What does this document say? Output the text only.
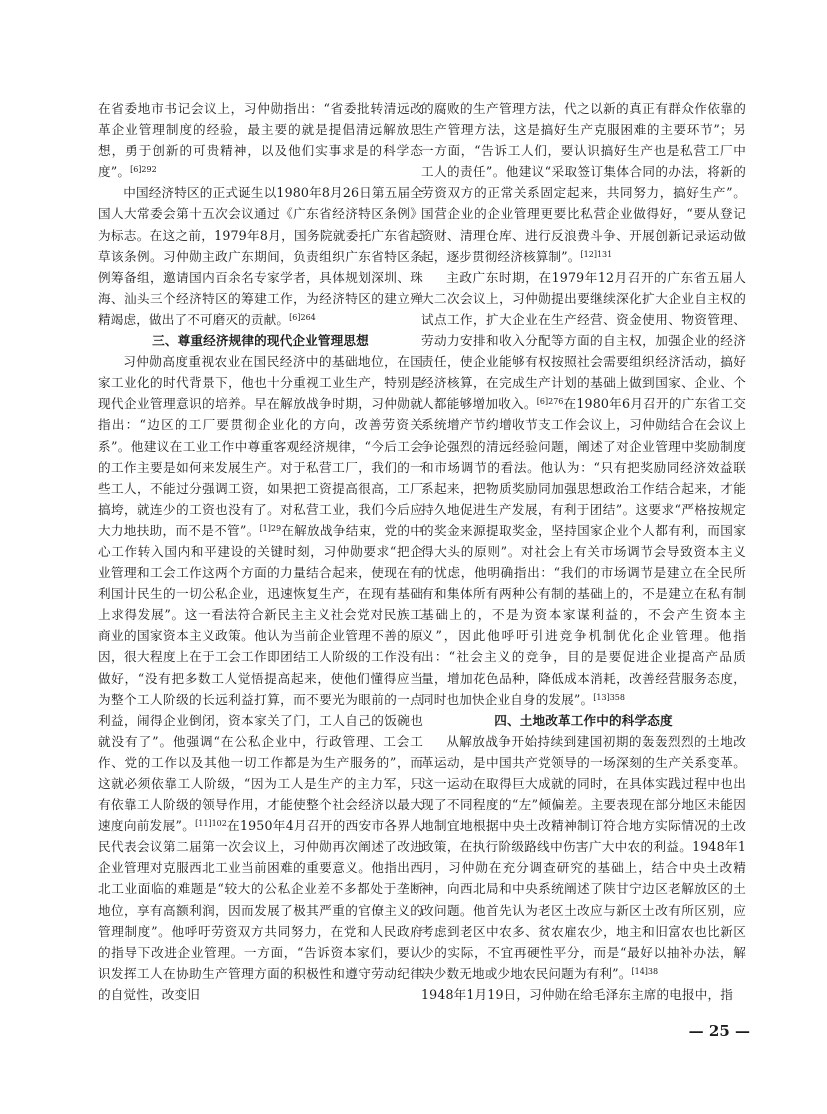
在省委地市书记会议上，习仲勋指出：“省委批转清远改革企业管理制度的经验，最主要的就是提倡清远解放思想，勇于创新的可贵精神，以及他们实事求是的科学态度”。$^{[6]292}$

中国经济特区的正式诞生以1980年8月26日第五届全国人大常委会第十五次会议通过《广东省经济特区条例》为标志。在这之前，1979年8月，国务院就委托广东省起草该条例。习仲勋主政广东期间，负责组织广东省特区条例筹备组，邀请国内百余名专家学者，具体规划深圳、珠海、汕头三个经济特区的筹建工作，为经济特区的建立殚精竭虑，做出了不可磨灭的贡献。$^{[6]264}$

三、尊重经济规律的现代企业管理思想

习仲勋高度重视农业在国民经济中的基础地位，在国家工业化的时代背景下，他也十分重视工业生产，特别是现代企业管理意识的培养。早在解放战争时期，习仲勋就指出：“边区的工厂要贯彻企业化的方向，改善劳资关系”。他建议在工业工作中尊重客观经济规律，“今后工会的工作主要是如何来发展生产。对于私营工厂，我们的一些工人，不能过分强调工资，如果把工资提高很高，工厂搞垮，就连少的工资也没有了。对私营工业，我们今后应大力地扶助，而不是不管”。$^{[1]29}$在解放战争结束，党的中心工作转入国内和平建设的关键时刻，习仲勋要求“把企业管理和工会工作这两个方面的力量结合起来，使现在有利国计民生的一切公私企业，迅速恢复生产，在现有基础上求得发展”。这一看法符合新民主主义社会党对民族工商业的国家资本主义政策。他认为当前企业管理不善的原因，很大程度上在于工会工作即团结工人阶级的工作没有做好，“没有把多数工人觉悟提高起来，使他们懂得应当为整个工人阶级的长远利益打算，而不要光为眼前的一点利益，闹得企业倒闭，资本家关了门，工人自己的饭碗也就没有了”。他强调“在公私企业中，行政管理、工会工作、党的工作以及其他一切工作都是为生产服务的”，而这就必须依靠工人阶级，“因为工人是生产的主力军，只有依靠工人阶级的领导作用，才能使整个社会经济以最大速度向前发展”。$^{[11]102}$在1950年4月召开的西安市各界人民代表会议第二届第一次会议上，习仲勋再次阐述了改进企业管理对克服西北工业当前困难的重要意义。他指出西北工业面临的难题是“较大的公私企业差不多都处于垄断地位，享有高额利润，因而发展了极其严重的官僚主义的管理制度”。他呼吁劳资双方共同努力，在党和人民政府的指导下改进企业管理。一方面，“告诉资本家们，要认识发挥工人在协助生产管理方面的积极性和遵守劳动纪律的自觉性，改变旧

的腐败的生产管理方法，代之以新的真正有群众作依靠的生产管理方法，这是搞好生产克服困难的主要环节”；另一方面，“告诉工人们，要认识搞好生产也是私营工厂中工人的责任”。他建议“采取签订集体合同的办法，将新的劳资双方的正常关系固定起来，共同努力，搞好生产”。国营企业的企业管理更要比私营企业做得好，“要从登记资财、清理仓库、进行反浪费斗争、开展创新记录运动做起，逐步贯彻经济核算制”。$^{[12]131}$

主政广东时期，在1979年12月召开的广东省五届人大二次会议上，习仲勋提出要继续深化扩大企业自主权的试点工作，扩大企业在生产经营、资金使用、物资管理、劳动力安排和收入分配等方面的自主权，加强企业的经济责任，使企业能够有权按照社会需要组织经济活动，搞好经济核算，在完成生产计划的基础上做到国家、企业、个人都能够增加收入。$^{[6]276}$在1980年6月召开的广东省工交系统增产节约增收节支工作会议上，习仲勋结合在会议上争论强烈的清远经验问题，阐述了对企业管理中奖励制度和市场调节的看法。他认为：“只有把奖励同经济效益联系起来，把物质奖励同加强思想政治工作结合起来，才能持久地促进生产发展，有利于团结”。这要求“严格按规定的奖金来源提取奖金，坚持国家企业个人都有利，而国家得大头的原则”。对社会上有关市场调节会导致资本主义的忧虑，他明确指出：“我们的市场调节是建立在全民所有和集体所有两种公有制的基础上的，不是建立在私有制基础上的，不是为资本家谋利益的，不会产生资本主义”，因此他呼吁引进竞争机制优化企业管理。他指出：“社会主义的竞争，目的是要促进企业提高产品质量，增加花色品种，降低成本消耗，改善经营服务态度，同时也加快企业自身的发展”。$^{[13]358}$

四、土地改革工作中的科学态度

从解放战争开始持续到建国初期的轰轰烈烈的土地改革运动，是中国共产党领导的一场深刻的生产关系变革。这一运动在取得巨大成就的同时，在具体实践过程中也出现了不同程度的“左”倾偏差。主要表现在部分地区未能因地制宜地根据中央土改精神制订符合地方实际情况的土改政策，在执行阶级路线中伤害广大中农的利益。1948年1月，习仲勋在充分调查研究的基础上，结合中央土改精神，向西北局和中央系统阐述了陕甘宁边区老解放区的土改问题。他首先认为老区土改应与新区土改有所区别，应考虑到老区中农多、贫农雇农少，地主和旧富农也比新区少的实际，不宜再硬性平分，而是“最好以抽补办法，解决少数无地或少地农民问题为有利”。$^{[14]38}$

1948年1月19日，习仲勋在给毛泽东主席的电报中，指

— 25 —
